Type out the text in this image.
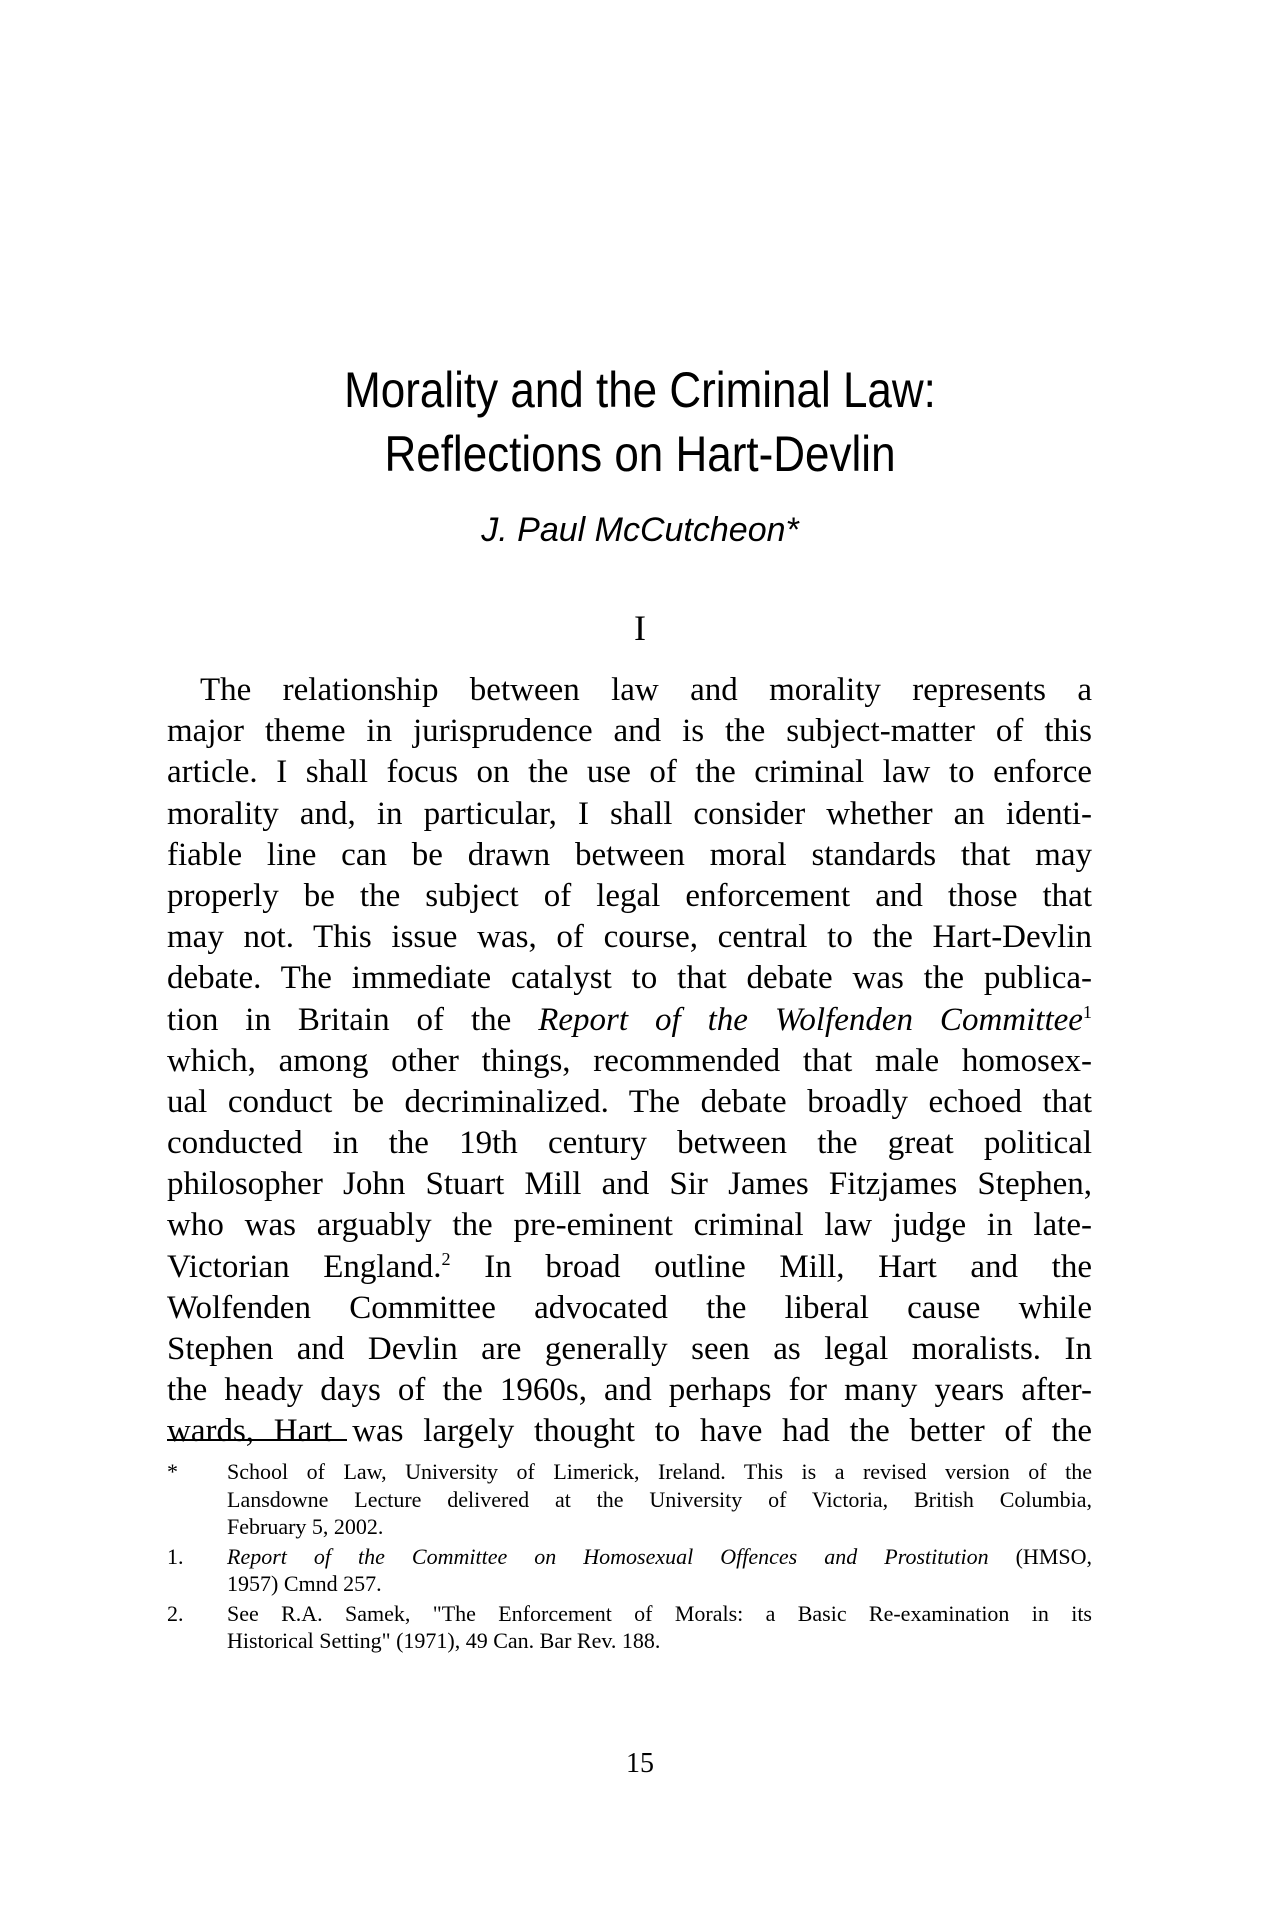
Morality and the Criminal Law:
Reflections on Hart-Devlin
J. Paul McCutcheon*
I
The relationship between law and morality represents a
major theme in jurisprudence and is the subject-matter of this
article. I shall focus on the use of the criminal law to enforce
morality and, in particular, I shall consider whether an identi-
fiable line can be drawn between moral standards that may
properly be the subject of legal enforcement and those that
may not. This issue was, of course, central to the Hart-Devlin
debate. The immediate catalyst to that debate was the publica-
tion in Britain of the Report of the Wolfenden Committee$^1$
which, among other things, recommended that male homosex-
ual conduct be decriminalized. The debate broadly echoed that
conducted in the 19th century between the great political
philosopher John Stuart Mill and Sir James Fitzjames Stephen,
who was arguably the pre-eminent criminal law judge in late-
Victorian England.$^2$ In broad outline Mill, Hart and the
Wolfenden Committee advocated the liberal cause while
Stephen and Devlin are generally seen as legal moralists. In
the heady days of the 1960s, and perhaps for many years after-
wards, Hart was largely thought to have had the better of the
* School of Law, University of Limerick, Ireland. This is a revised version of the
Lansdowne Lecture delivered at the University of Victoria, British Columbia,
February 5, 2002.
1. Report of the Committee on Homosexual Offences and Prostitution (HMSO,
1957) Cmnd 257.
2. See R.A. Samek, "The Enforcement of Morals: a Basic Re-examination in its
Historical Setting" (1971), 49 Can. Bar Rev. 188.
15
